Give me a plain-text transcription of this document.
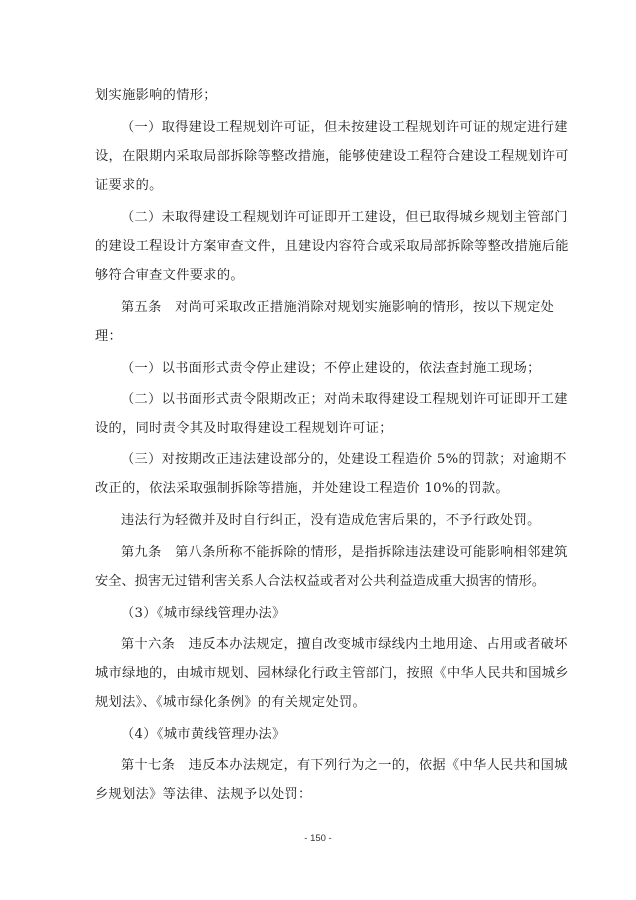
划实施影响的情形；
（一）取得建设工程规划许可证，但未按建设工程规划许可证的规定进行建
设，在限期内采取局部拆除等整改措施，能够使建设工程符合建设工程规划许可
证要求的。
（二）未取得建设工程规划许可证即开工建设，但已取得城乡规划主管部门
的建设工程设计方案审查文件，且建设内容符合或采取局部拆除等整改措施后能
够符合审查文件要求的。
第五条　对尚可采取改正措施消除对规划实施影响的情形，按以下规定处
理：
（一）以书面形式责令停止建设；不停止建设的，依法查封施工现场；
（二）以书面形式责令限期改正；对尚未取得建设工程规划许可证即开工建
设的，同时责令其及时取得建设工程规划许可证；
（三）对按期改正违法建设部分的，处建设工程造价 5%的罚款；对逾期不
改正的，依法采取强制拆除等措施，并处建设工程造价 10%的罚款。
违法行为轻微并及时自行纠正，没有造成危害后果的，不予行政处罚。
第九条　第八条所称不能拆除的情形，是指拆除违法建设可能影响相邻建筑
安全、损害无过错利害关系人合法权益或者对公共利益造成重大损害的情形。
（3）《城市绿线管理办法》
第十六条　违反本办法规定，擅自改变城市绿线内土地用途、占用或者破坏
城市绿地的，由城市规划、园林绿化行政主管部门，按照《中华人民共和国城乡
规划法》、《城市绿化条例》的有关规定处罚。
（4）《城市黄线管理办法》
第十七条　违反本办法规定，有下列行为之一的，依据《中华人民共和国城
乡规划法》等法律、法规予以处罚：
- 150 -
